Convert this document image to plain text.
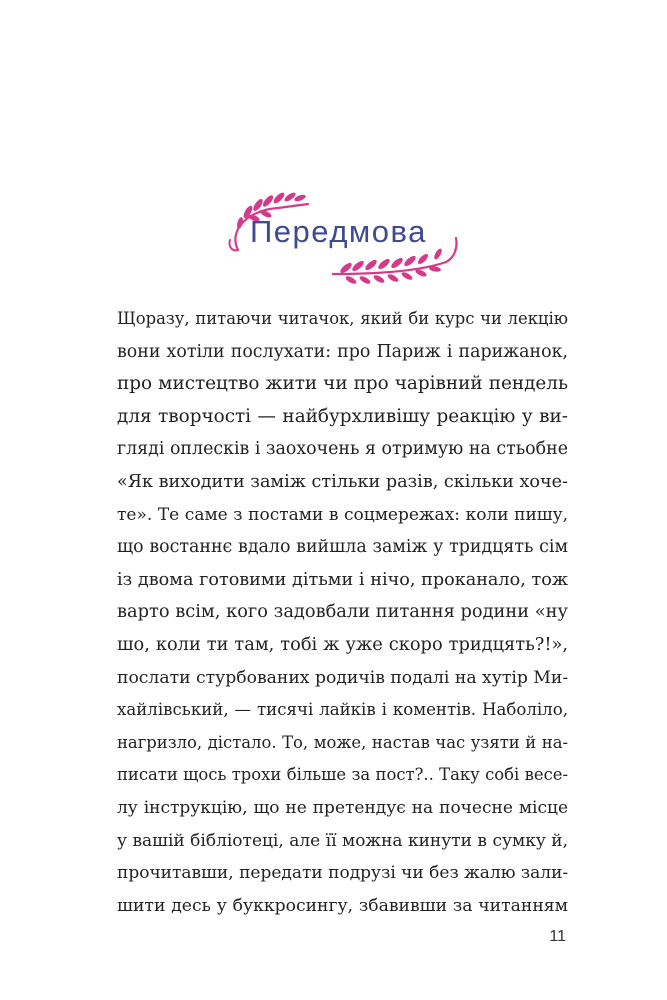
Передмова
Щоразу, питаючи читачок, який би курс чи лекцію
вони хотіли послухати: про Париж і парижанок,
про мистецтво жити чи про чарівний пендель
для творчості — найбурхливішу реакцію у ви-
гляді оплесків і заохочень я отримую на стьобне
«Як виходити заміж стільки разів, скільки хоче-
те». Те саме з постами в соцмережах: коли пишу,
що востаннє вдало вийшла заміж у тридцять сім
із двома готовими дітьми і нічо, проканало, тож
варто всім, кого задовбали питання родини «ну
шо, коли ти там, тобі ж уже скоро тридцять?!»,
послати стурбованих родичів подалі на хутір Ми-
хайлівський, — тисячі лайків і коментів. Наболіло,
нагризло, дістало. То, може, настав час узяти й на-
писати щось трохи більше за пост?.. Таку собі весе-
лу інструкцію, що не претендує на почесне місце
у вашій бібліотеці, але її можна кинути в сумку й,
прочитавши, передати подрузі чи без жалю зали-
шити десь у буккросингу, збавивши за читанням
11
